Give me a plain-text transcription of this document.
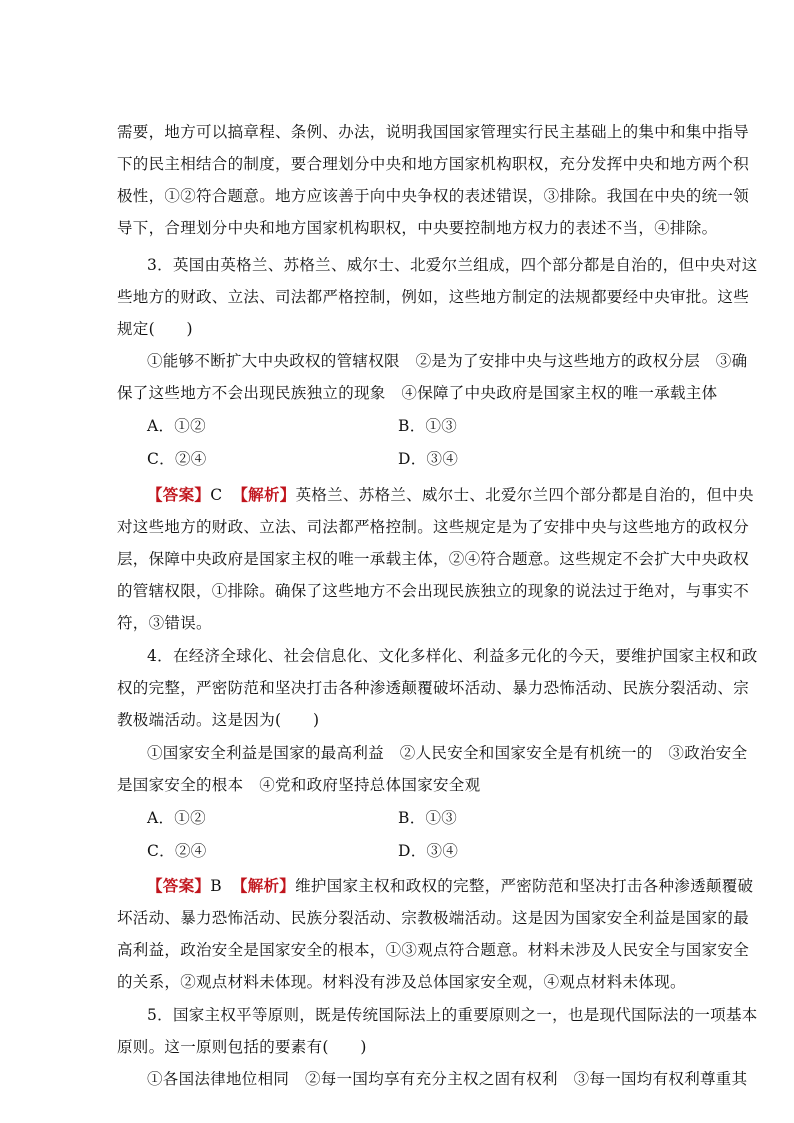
需要，地方可以搞章程、条例、办法，说明我国国家管理实行民主基础上的集中和集中指导
下的民主相结合的制度，要合理划分中央和地方国家机构职权，充分发挥中央和地方两个积
极性，①②符合题意。地方应该善于向中央争权的表述错误，③排除。我国在中央的统一领
导下，合理划分中央和地方国家机构职权，中央要控制地方权力的表述不当，④排除。
3．英国由英格兰、苏格兰、威尔士、北爱尔兰组成，四个部分都是自治的，但中央对这
些地方的财政、立法、司法都严格控制，例如，这些地方制定的法规都要经中央审批。这些
规定(　　)
①能够不断扩大中央政权的管辖权限　②是为了安排中央与这些地方的政权分层　③确
保了这些地方不会出现民族独立的现象　④保障了中央政府是国家主权的唯一承载主体
A．①②	B．①③
C．②④	D．③④
【答案】C 【解析】英格兰、苏格兰、威尔士、北爱尔兰四个部分都是自治的，但中央
对这些地方的财政、立法、司法都严格控制。这些规定是为了安排中央与这些地方的政权分
层，保障中央政府是国家主权的唯一承载主体，②④符合题意。这些规定不会扩大中央政权
的管辖权限，①排除。确保了这些地方不会出现民族独立的现象的说法过于绝对，与事实不
符，③错误。
4．在经济全球化、社会信息化、文化多样化、利益多元化的今天，要维护国家主权和政
权的完整，严密防范和坚决打击各种渗透颠覆破坏活动、暴力恐怖活动、民族分裂活动、宗
教极端活动。这是因为(　　)
①国家安全利益是国家的最高利益　②人民安全和国家安全是有机统一的　③政治安全
是国家安全的根本　④党和政府坚持总体国家安全观
A．①②	B．①③
C．②④	D．③④
【答案】B 【解析】维护国家主权和政权的完整，严密防范和坚决打击各种渗透颠覆破
坏活动、暴力恐怖活动、民族分裂活动、宗教极端活动。这是因为国家安全利益是国家的最
高利益，政治安全是国家安全的根本，①③观点符合题意。材料未涉及人民安全与国家安全
的关系，②观点材料未体现。材料没有涉及总体国家安全观，④观点材料未体现。
5．国家主权平等原则，既是传统国际法上的重要原则之一，也是现代国际法的一项基本
原则。这一原则包括的要素有(　　)
①各国法律地位相同　②每一国均享有充分主权之固有权利　③每一国均有权利尊重其
